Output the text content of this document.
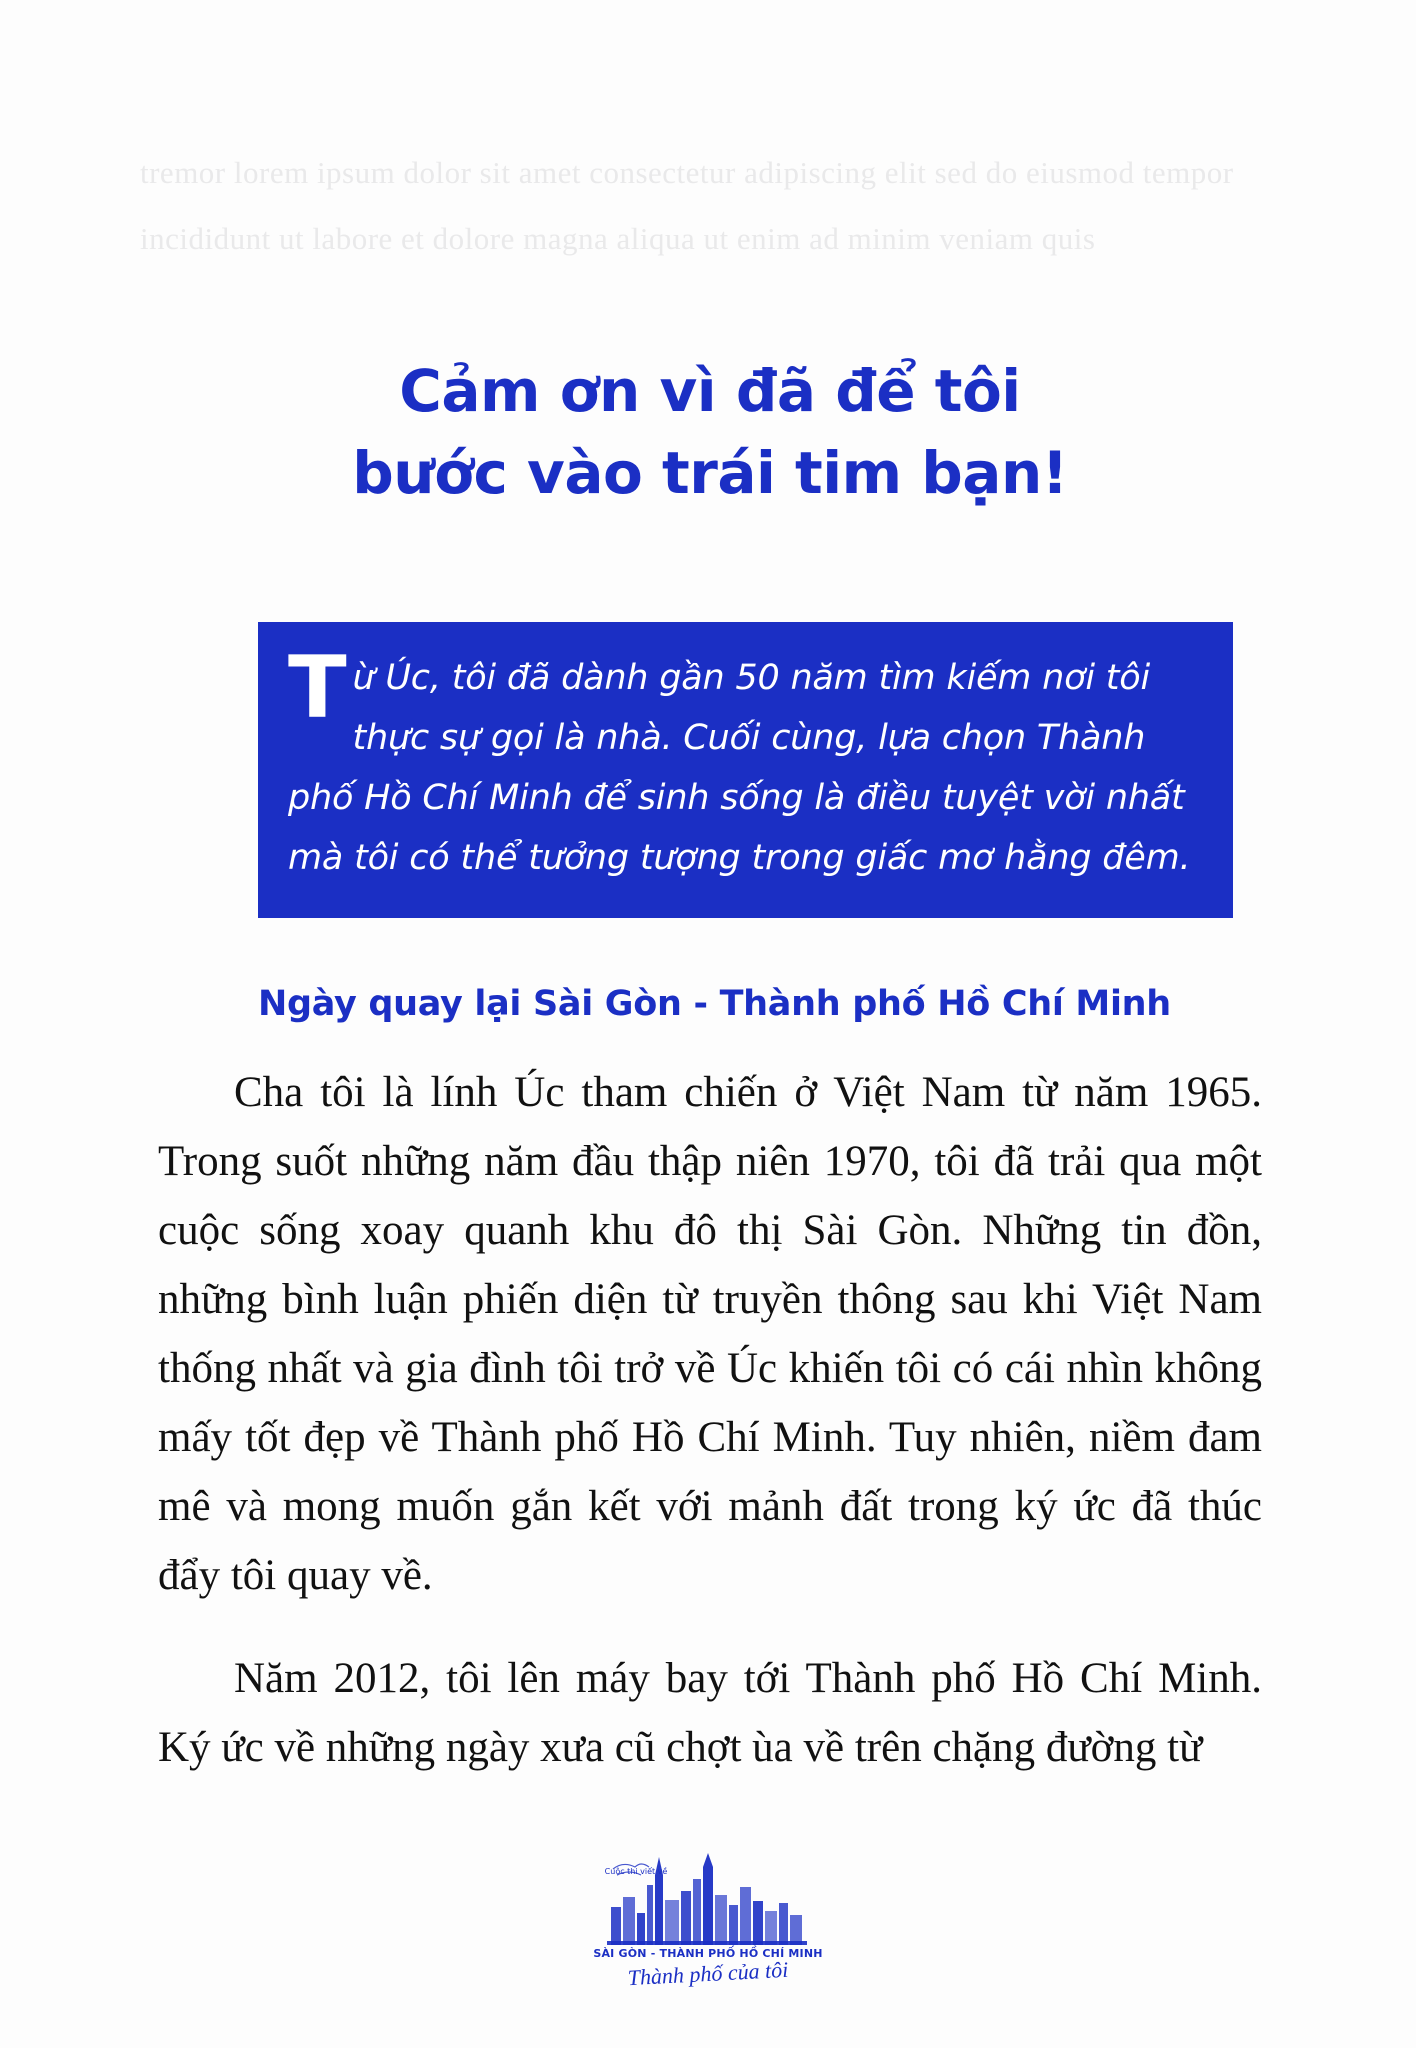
tremor lorem ipsum dolor sit amet consectetur adipiscing elit sed do eiusmod tempor incididunt ut labore et dolore magna aliqua ut enim ad minim veniam quis
Cảm ơn vì đã để tôi
bước vào trái tim bạn!
Từ Úc, tôi đã dành gần 50 năm tìm kiếm nơi tôi thực sự gọi là nhà. Cuối cùng, lựa chọn Thành phố Hồ Chí Minh để sinh sống là điều tuyệt vời nhất mà tôi có thể tưởng tượng trong giấc mơ hằng đêm.
Ngày quay lại Sài Gòn - Thành phố Hồ Chí Minh

Cha tôi là lính Úc tham chiến ở Việt Nam từ năm 1965. Trong suốt những năm đầu thập niên 1970, tôi đã trải qua một cuộc sống xoay quanh khu đô thị Sài Gòn. Những tin đồn, những bình luận phiến diện từ truyền thông sau khi Việt Nam thống nhất và gia đình tôi trở về Úc khiến tôi có cái nhìn không mấy tốt đẹp về Thành phố Hồ Chí Minh. Tuy nhiên, niềm đam mê và mong muốn gắn kết với mảnh đất trong ký ức đã thúc đẩy tôi quay về.

Năm 2012, tôi lên máy bay tới Thành phố Hồ Chí Minh. Ký ức về những ngày xưa cũ chợt ùa về trên chặng đường từ

Cuộc thi viết về
SÀI GÒN - THÀNH PHỐ HỒ CHÍ MINH
Thành phố của tôi
